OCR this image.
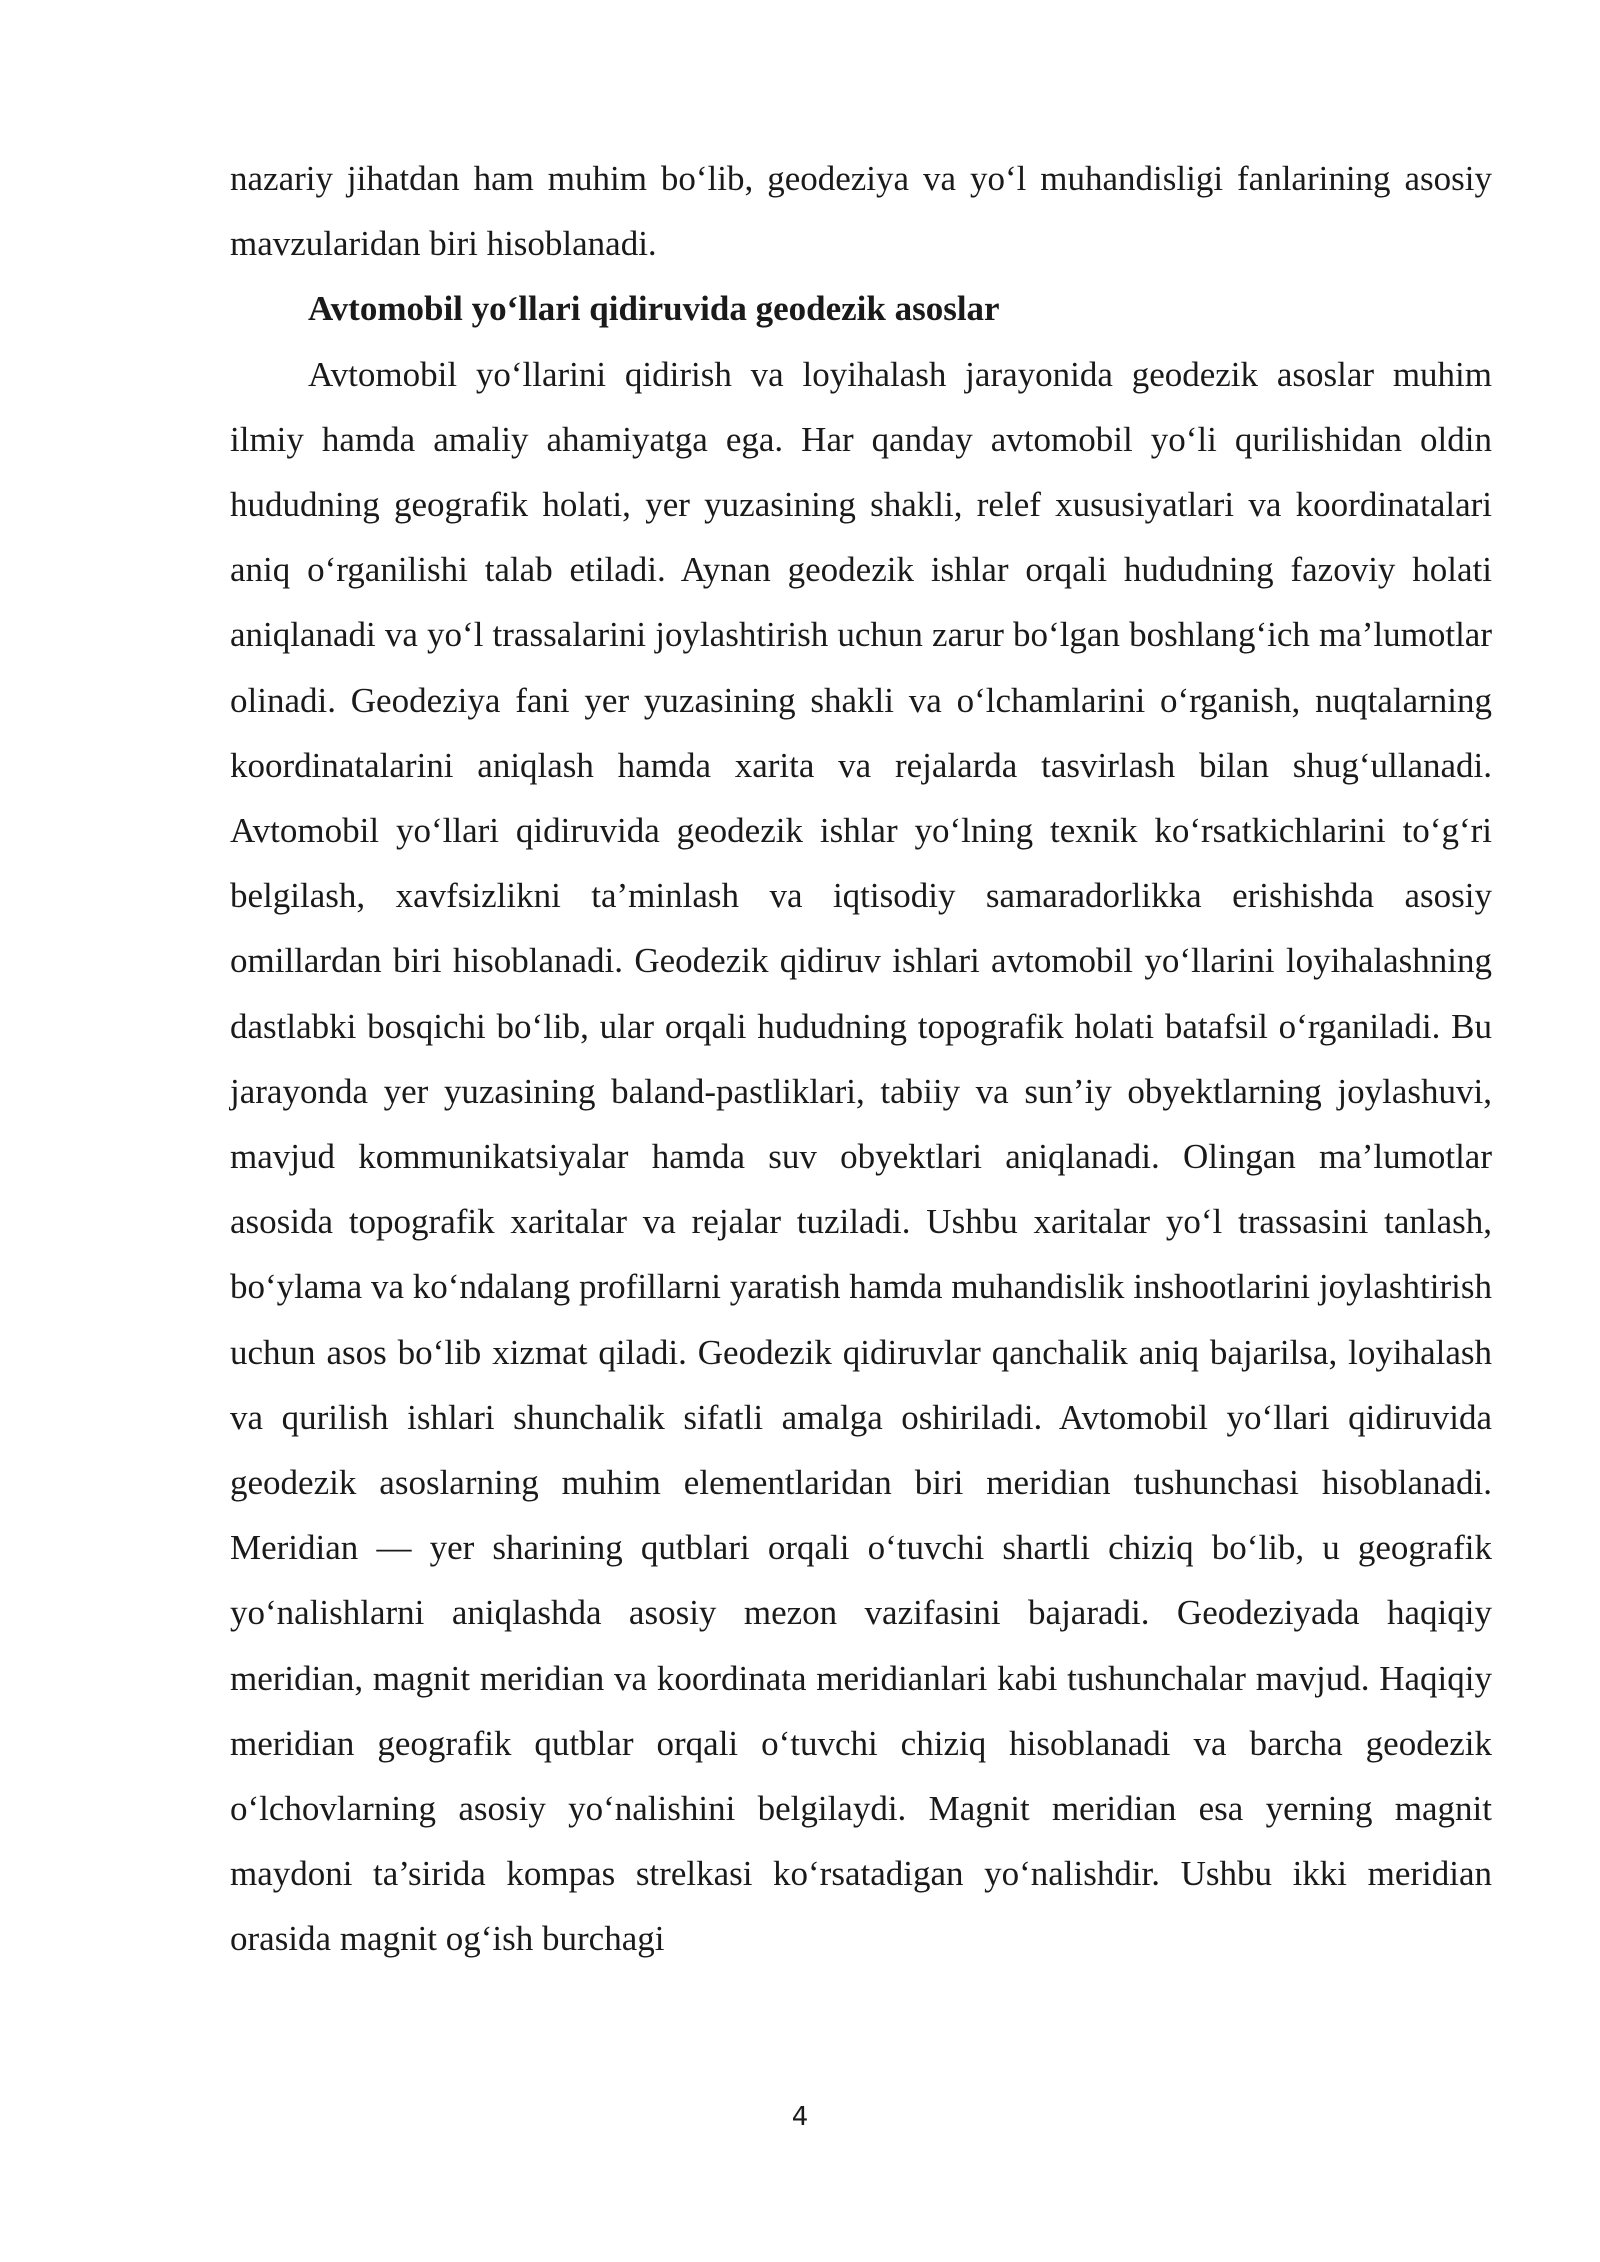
nazariy jihatdan ham muhim bo‘lib, geodeziya va yo‘l muhandisligi fanlarining asosiy mavzularidan biri hisoblanadi.

Avtomobil yo‘llari qidiruvida geodezik asoslar

Avtomobil yo‘llarini qidirish va loyihalash jarayonida geodezik asoslar muhim ilmiy hamda amaliy ahamiyatga ega. Har qanday avtomobil yo‘li qurilishidan oldin hududning geografik holati, yer yuzasining shakli, relef xususiyatlari va koordinatalari aniq o‘rganilishi talab etiladi. Aynan geodezik ishlar orqali hududning fazoviy holati aniqlanadi va yo‘l trassalarini joylashtirish uchun zarur bo‘lgan boshlang‘ich ma’lumotlar olinadi. Geodeziya fani yer yuzasining shakli va o‘lchamlarini o‘rganish, nuqtalarning koordinatalarini aniqlash hamda xarita va rejalarda tasvirlash bilan shug‘ullanadi. Avtomobil yo‘llari qidiruvida geodezik ishlar yo‘lning texnik ko‘rsatkichlarini to‘g‘ri belgilash, xavfsizlikni ta’minlash va iqtisodiy samaradorlikka erishishda asosiy omillardan biri hisoblanadi. Geodezik qidiruv ishlari avtomobil yo‘llarini loyihalashning dastlabki bosqichi bo‘lib, ular orqali hududning topografik holati batafsil o‘rganiladi. Bu jarayonda yer yuzasining baland-pastliklari, tabiiy va sun’iy obyektlarning joylashuvi, mavjud kommunikatsiyalar hamda suv obyektlari aniqlanadi. Olingan ma’lumotlar asosida topografik xaritalar va rejalar tuziladi. Ushbu xaritalar yo‘l trassasini tanlash, bo‘ylama va ko‘ndalang profillarni yaratish hamda muhandislik inshootlarini joylashtirish uchun asos bo‘lib xizmat qiladi. Geodezik qidiruvlar qanchalik aniq bajarilsa, loyihalash va qurilish ishlari shunchalik sifatli amalga oshiriladi. Avtomobil yo‘llari qidiruvida geodezik asoslarning muhim elementlaridan biri meridian tushunchasi hisoblanadi. Meridian — yer sharining qutblari orqali o‘tuvchi shartli chiziq bo‘lib, u geografik yo‘nalishlarni aniqlashda asosiy mezon vazifasini bajaradi. Geodeziyada haqiqiy meridian, magnit meridian va koordinata meridianlari kabi tushunchalar mavjud. Haqiqiy meridian geografik qutblar orqali o‘tuvchi chiziq hisoblanadi va barcha geodezik o‘lchovlarning asosiy yo‘nalishini belgilaydi. Magnit meridian esa yerning magnit maydoni ta’sirida kompas strelkasi ko‘rsatadigan yo‘nalishdir. Ushbu ikki meridian orasida magnit og‘ish burchagi

4
